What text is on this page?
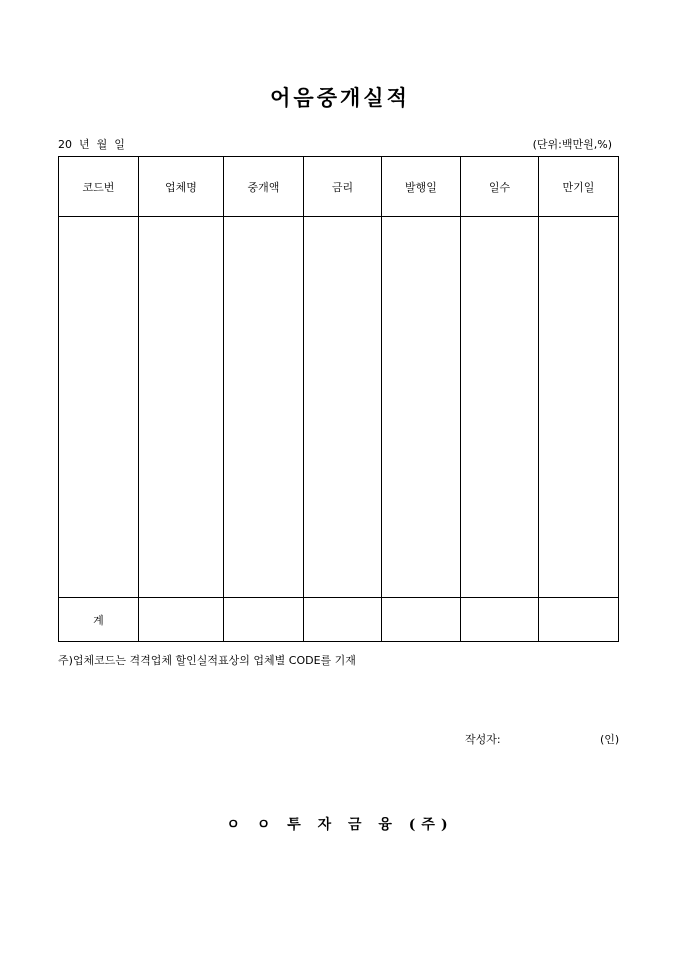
어음중개실적
20  년  월  일	(단위:백만원,%)
코드번	업체명	중개액	금리	발행일	일수	만기일

계						
주)업체코드는 격격업체 할인실적표상의 업체별 CODE를 기재
작성자:	(인)
ㅇ ㅇ 투 자 금 융 (주)
